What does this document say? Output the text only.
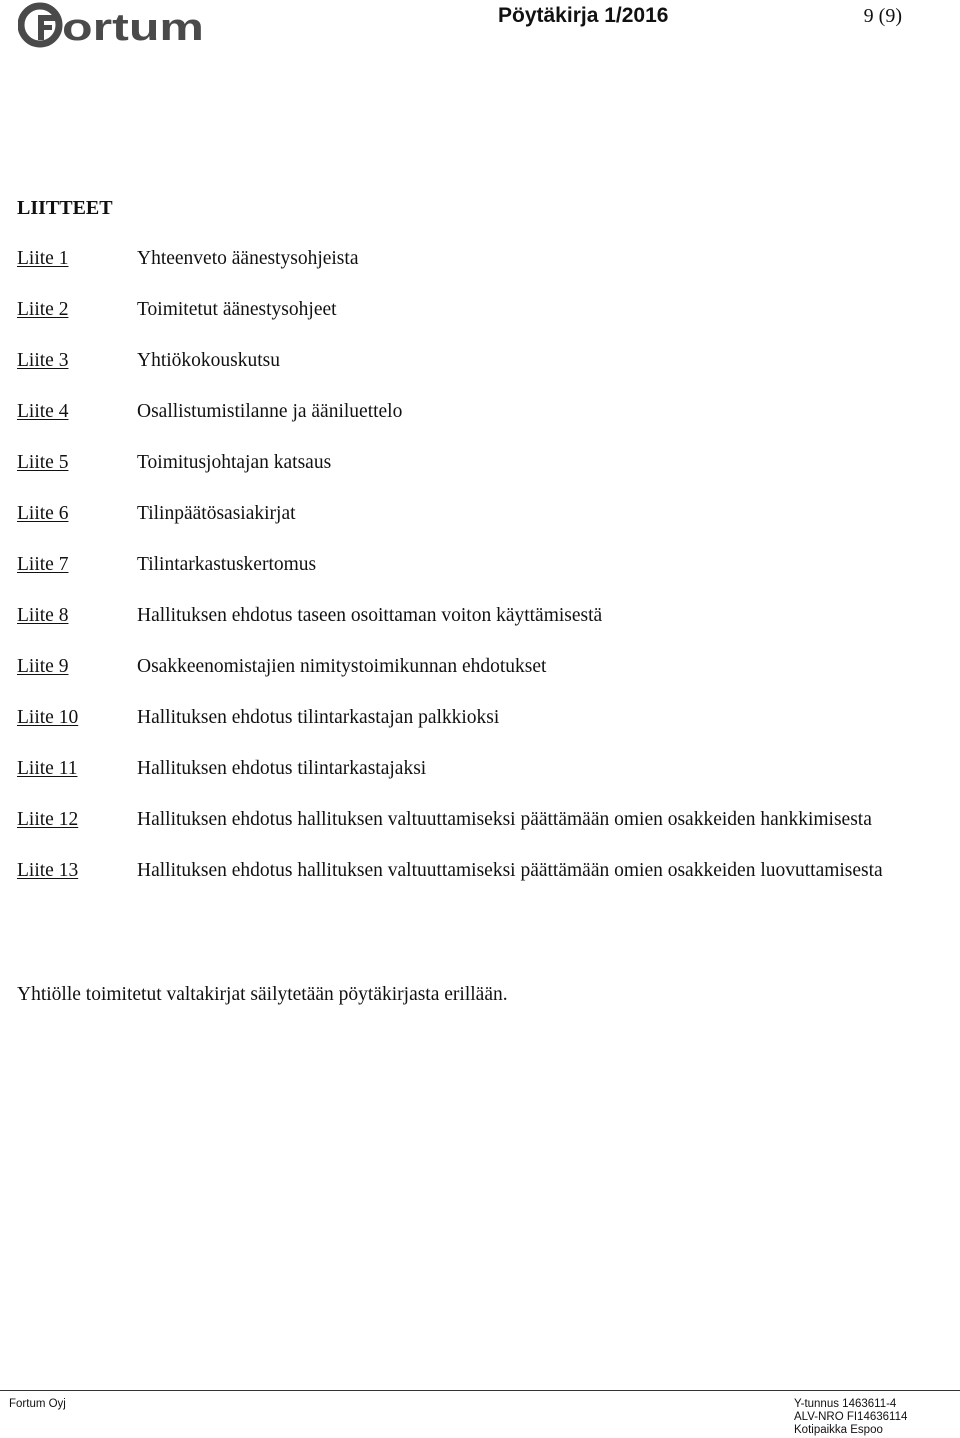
ortum	Pöytäkirja 1/2016	9 (9)
LIITTEET
Liite 1	Yhteenveto äänestysohjeista
Liite 2	Toimitetut äänestysohjeet
Liite 3	Yhtiökokouskutsu
Liite 4	Osallistumistilanne ja ääniluettelo
Liite 5	Toimitusjohtajan katsaus
Liite 6	Tilinpäätösasiakirjat
Liite 7	Tilintarkastuskertomus
Liite 8	Hallituksen ehdotus taseen osoittaman voiton käyttämisestä
Liite 9	Osakkeenomistajien nimitystoimikunnan ehdotukset
Liite 10	Hallituksen ehdotus tilintarkastajan palkkioksi
Liite 11	Hallituksen ehdotus tilintarkastajaksi
Liite 12	Hallituksen ehdotus hallituksen valtuuttamiseksi päättämään omien osakkeiden hankkimisesta
Liite 13	Hallituksen ehdotus hallituksen valtuuttamiseksi päättämään omien osakkeiden luovuttamisesta

Yhtiölle toimitetut valtakirjat säilytetään pöytäkirjasta erillään.

Fortum Oyj	Y-tunnus 1463611-4
ALV-NRO FI14636114
Kotipaikka Espoo
